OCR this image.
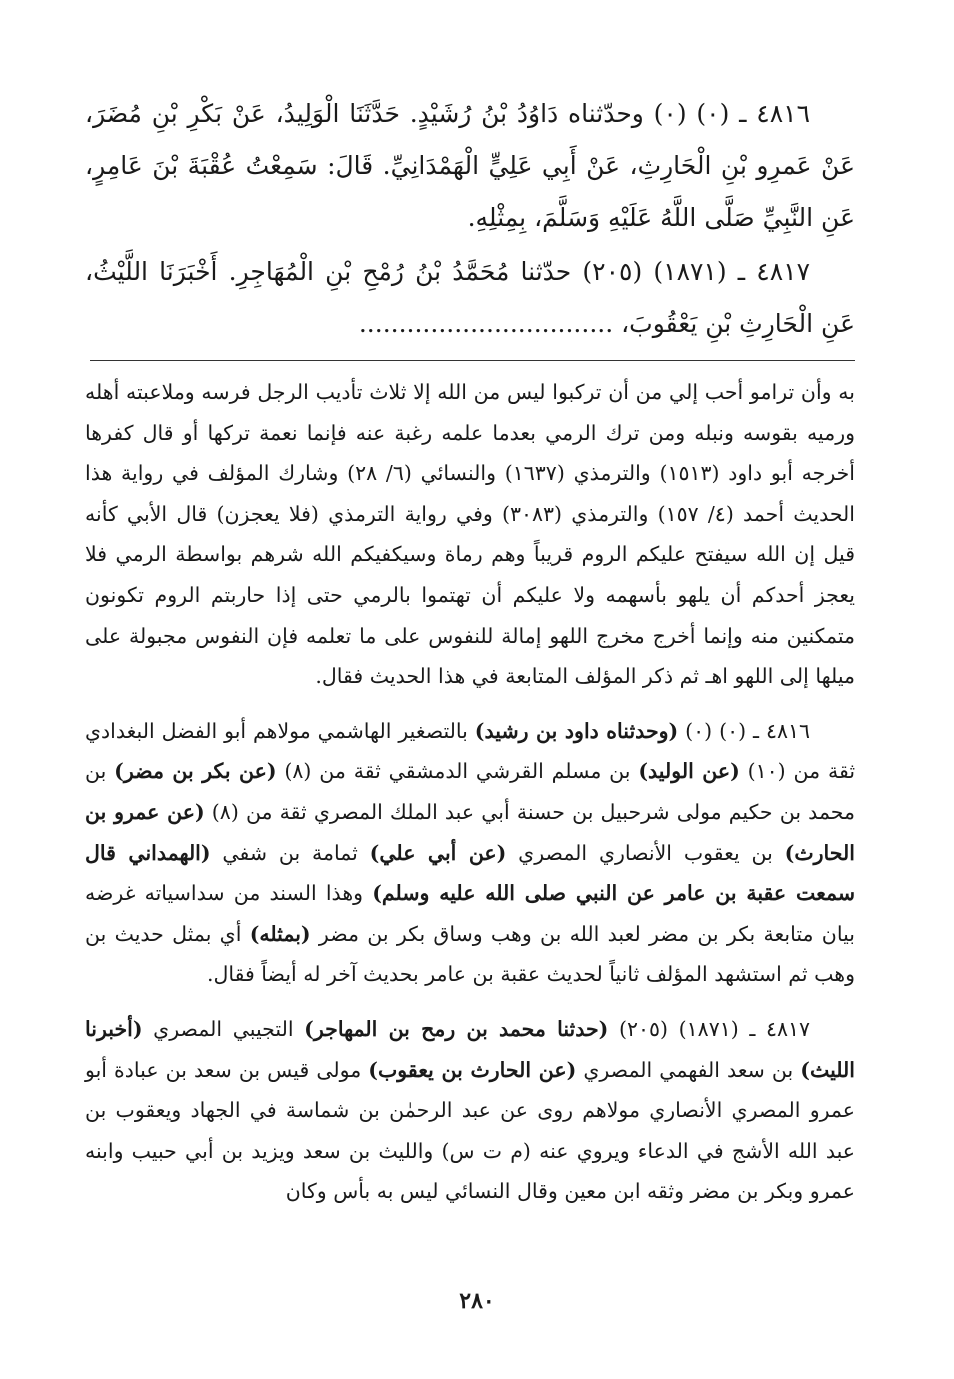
٤٨١٦ ـ (٠) (٠) وحدّثناه دَاوُدُ بْنُ رُشَيْدٍ. حَدَّثَنَا الْوَلِيدُ، عَنْ بَكْرِ بْنِ مُضَرَ، عَنْ عَمرِو بْنِ الْحَارِثِ، عَنْ أَبِي عَلِيٍّ الْهَمْدَانِيِّ. قَالَ: سَمِعْتُ عُقْبَةَ بْنَ عَامِرٍ، عَنِ النَّبِيِّ صَلَّى اللَّهُ عَلَيْهِ وَسَلَّمَ، بِمِثْلِهِ.

٤٨١٧ ـ (١٨٧١) (٢٠٥) حدّثنا مُحَمَّدُ بْنُ رُمْحِ بْنِ الْمُهَاجِرِ. أَخْبَرَنَا اللَّيْثُ، عَنِ الْحَارِثِ بْنِ يَعْقُوبَ، ................................

به وأن ترامو أحب إلي من أن تركبوا ليس من الله إلا ثلاث تأديب الرجل فرسه وملاعبته أهله ورميه بقوسه ونبله ومن ترك الرمي بعدما علمه رغبة عنه فإنما نعمة تركها أو قال كفرها أخرجه أبو داود (١٥١٣) والترمذي (١٦٣٧) والنسائي (٦/ ٢٨) وشارك المؤلف في رواية هذا الحديث أحمد (٤/ ١٥٧) والترمذي (٣٠٨٣) وفي رواية الترمذي (فلا يعجزن) قال الأبي كأنه قيل إن الله سيفتح عليكم الروم قريباً وهم رماة وسيكفيكم الله شرهم بواسطة الرمي فلا يعجز أحدكم أن يلهو بأسهمه ولا عليكم أن تهتموا بالرمي حتى إذا حاربتم الروم تكونون متمكنين منه وإنما أخرج مخرج اللهو إمالة للنفوس على ما تعلمه فإن النفوس مجبولة على ميلها إلى اللهو اهـ ثم ذكر المؤلف المتابعة في هذا الحديث فقال.

٤٨١٦ ـ (٠) (٠) (وحدثناه داود بن رشيد) بالتصغير الهاشمي مولاهم أبو الفضل البغدادي ثقة من (١٠) (عن الوليد) بن مسلم القرشي الدمشقي ثقة من (٨) (عن بكر بن مضر) بن محمد بن حكيم مولى شرحبيل بن حسنة أبي عبد الملك المصري ثقة من (٨) (عن عمرو بن الحارث) بن يعقوب الأنصاري المصري (عن أبي علي) ثمامة بن شفي (الهمداني قال سمعت عقبة بن عامر عن النبي صلى الله عليه وسلم) وهذا السند من سداسياته غرضه بيان متابعة بكر بن مضر لعبد الله بن وهب وساق بكر بن مضر (بمثله) أي بمثل حديث بن وهب ثم استشهد المؤلف ثانياً لحديث عقبة بن عامر بحديث آخر له أيضاً فقال.

٤٨١٧ ـ (١٨٧١) (٢٠٥) (حدثنا محمد بن رمح بن المهاجر) التجيبي المصري (أخبرنا الليث) بن سعد الفهمي المصري (عن الحارث بن يعقوب) مولى قيس بن سعد بن عبادة أبو عمرو المصري الأنصاري مولاهم روى عن عبد الرحمٰن بن شماسة في الجهاد ويعقوب بن عبد الله الأشج في الدعاء ويروي عنه (م ت س) والليث بن سعد ويزيد بن أبي حبيب وابنه عمرو وبكر بن مضر وثقه ابن معين وقال النسائي ليس به بأس وكان

٢٨٠
